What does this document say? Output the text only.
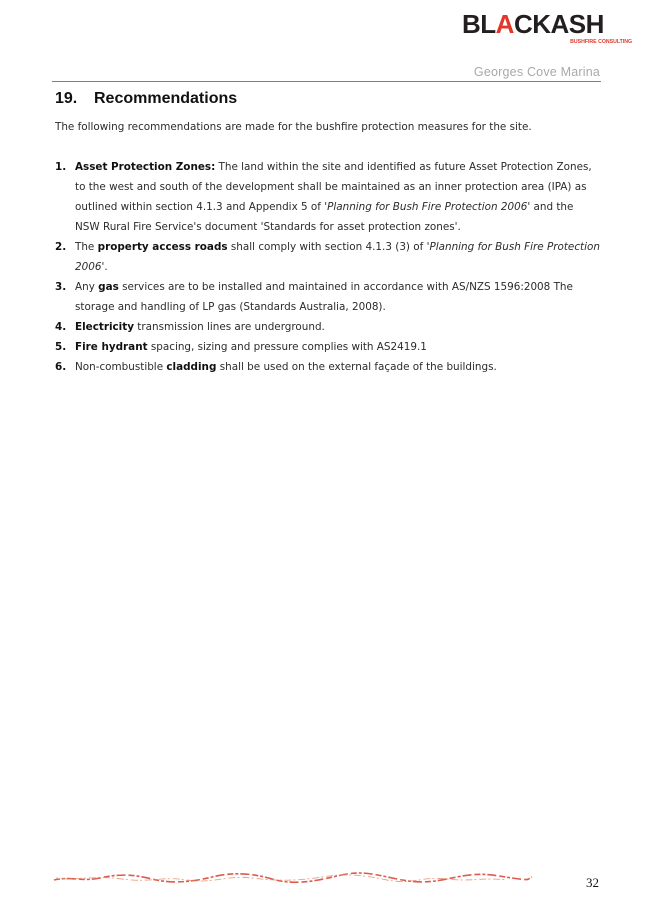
BLACKASH
BUSHFIRE CONSULTING
Georges Cove Marina
19. Recommendations

The following recommendations are made for the bushfire protection measures for the site.

1. Asset Protection Zones: The land within the site and identified as future Asset Protection Zones, to the west and south of the development shall be maintained as an inner protection area (IPA) as outlined within section 4.1.3 and Appendix 5 of 'Planning for Bush Fire Protection 2006' and the NSW Rural Fire Service's document 'Standards for asset protection zones'.
2. The property access roads shall comply with section 4.1.3 (3) of 'Planning for Bush Fire Protection 2006'.
3. Any gas services are to be installed and maintained in accordance with AS/NZS 1596:2008 The storage and handling of LP gas (Standards Australia, 2008).
4. Electricity transmission lines are underground.
5. Fire hydrant spacing, sizing and pressure complies with AS2419.1
6. Non-combustible cladding shall be used on the external façade of the buildings.
32
